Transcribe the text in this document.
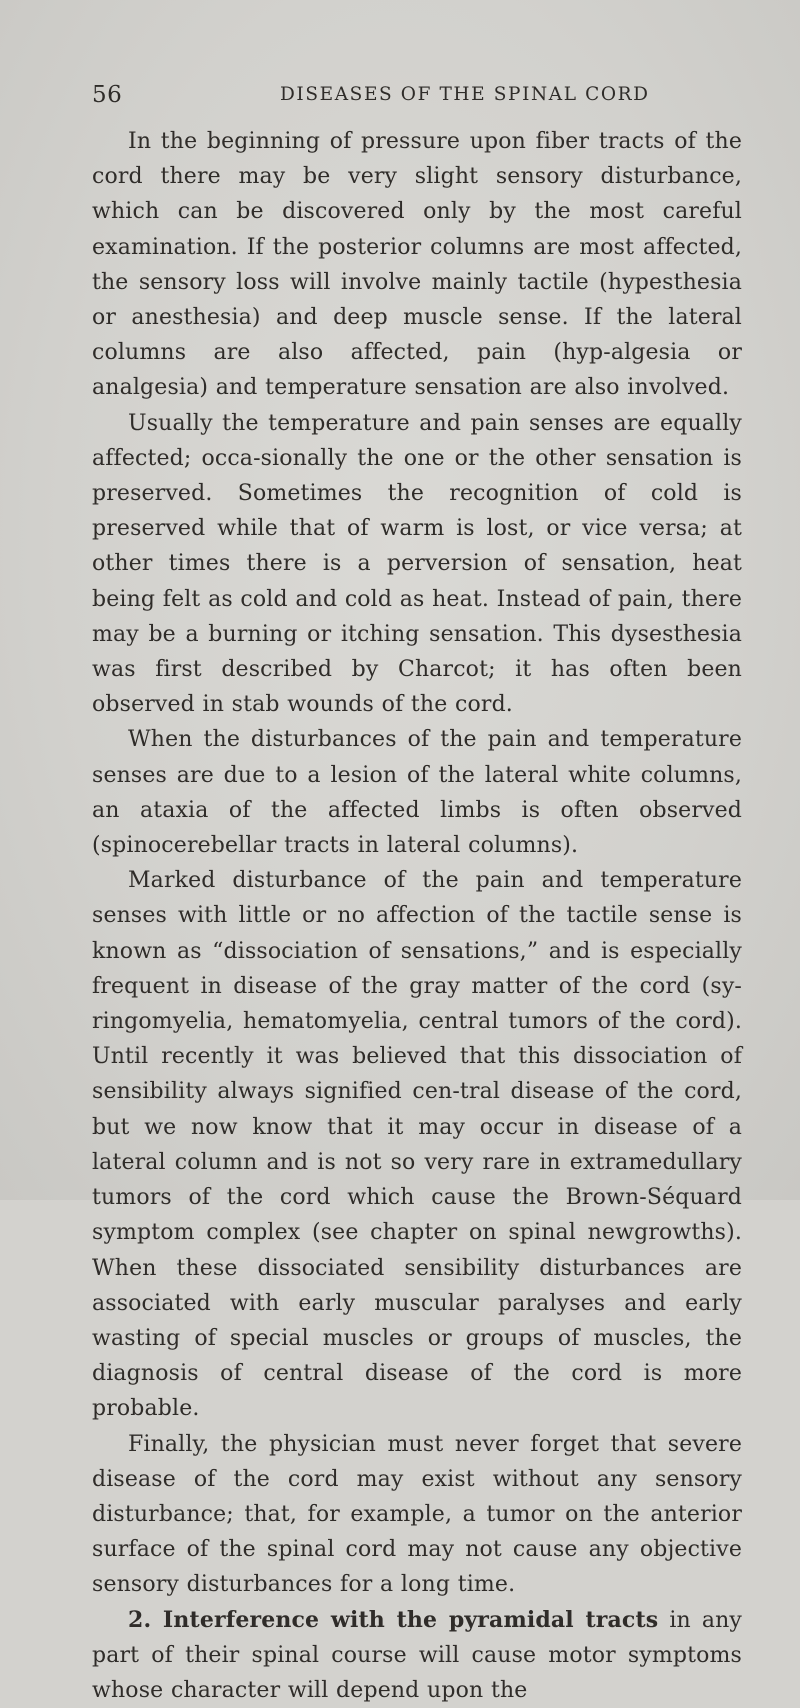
56	DISEASES OF THE SPINAL CORD

In the beginning of pressure upon fiber tracts of the cord there may be very slight sensory disturbance, which can be discovered only by the most careful examination. If the posterior columns are most affected, the sensory loss will involve mainly tactile (hypesthesia or anesthesia) and deep muscle sense. If the lateral columns are also affected, pain (hyp-algesia or analgesia) and temperature sensation are also involved.

Usually the temperature and pain senses are equally affected; occa-sionally the one or the other sensation is preserved. Sometimes the recognition of cold is preserved while that of warm is lost, or vice versa; at other times there is a perversion of sensation, heat being felt as cold and cold as heat. Instead of pain, there may be a burning or itching sensation. This dysesthesia was first described by Charcot; it has often been observed in stab wounds of the cord.

When the disturbances of the pain and temperature senses are due to a lesion of the lateral white columns, an ataxia of the affected limbs is often observed (spinocerebellar tracts in lateral columns).

Marked disturbance of the pain and temperature senses with little or no affection of the tactile sense is known as “dissociation of sensations,” and is especially frequent in disease of the gray matter of the cord (sy-ringomyelia, hematomyelia, central tumors of the cord). Until recently it was believed that this dissociation of sensibility always signified cen-tral disease of the cord, but we now know that it may occur in disease of a lateral column and is not so very rare in extramedullary tumors of the cord which cause the Brown-Séquard symptom complex (see chapter on spinal newgrowths). When these dissociated sensibility disturbances are associated with early muscular paralyses and early wasting of special muscles or groups of muscles, the diagnosis of central disease of the cord is more probable.

Finally, the physician must never forget that severe disease of the cord may exist without any sensory disturbance; that, for example, a tumor on the anterior surface of the spinal cord may not cause any objective sensory disturbances for a long time.

2. Interference with the pyramidal tracts in any part of their spinal course will cause motor symptoms whose character will depend upon the
